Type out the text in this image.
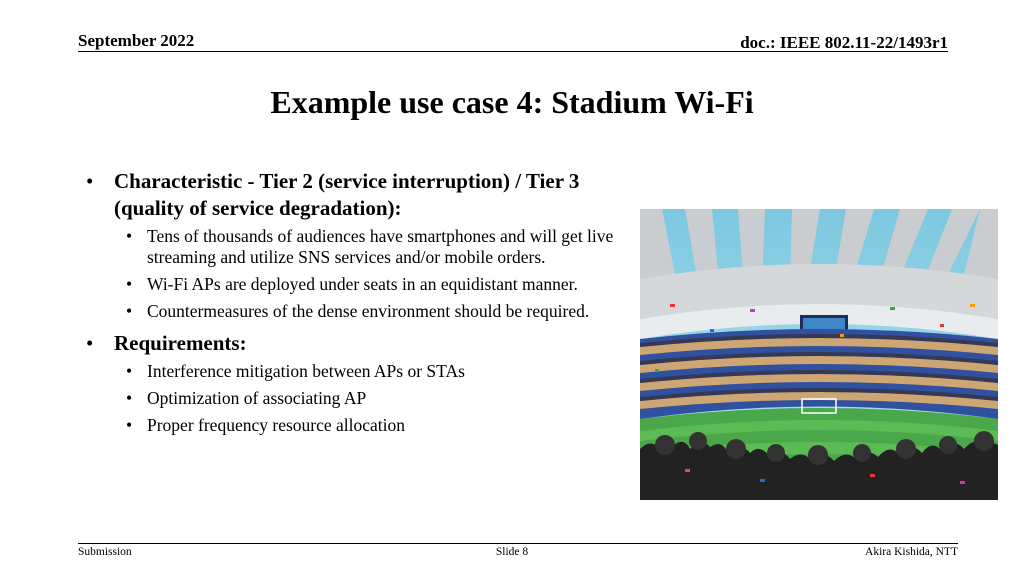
September 2022	doc.: IEEE 802.11-22/1493r1
Example use case 4: Stadium Wi-Fi
• Characteristic - Tier 2 (service interruption) / Tier 3 (quality of service degradation):
• Tens of thousands of audiences have smartphones and will get live streaming and utilize SNS services and/or mobile orders.
• Wi-Fi APs are deployed under seats in an equidistant manner.
• Countermeasures of the dense environment should be required.
• Requirements:
• Interference mitigation between APs or STAs
• Optimization of associating AP
• Proper frequency resource allocation
Submission	Slide 8	Akira Kishida, NTT
